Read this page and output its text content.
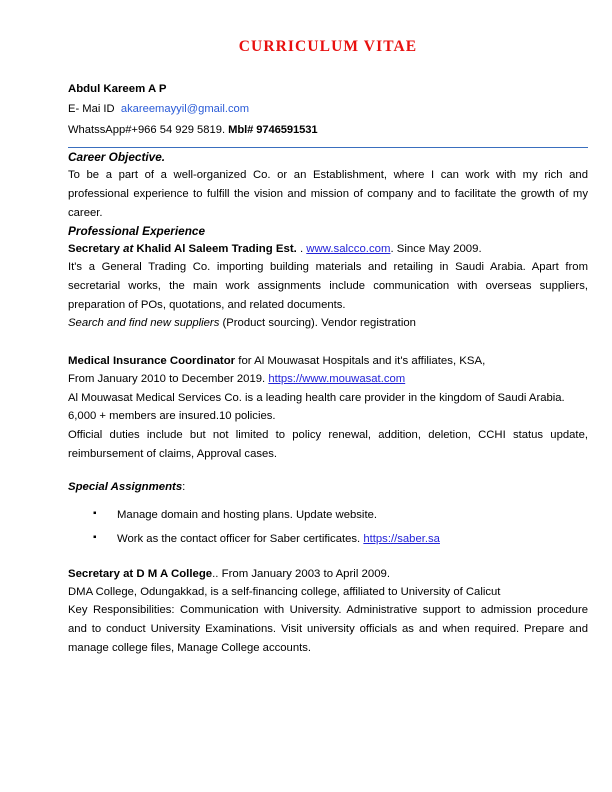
CURRICULUM VITAE
Abdul Kareem A P
E- Mai ID akareemayyil@gmail.com
WhatssApp#+966 54 929 5819. Mbl# 9746591531
Career Objective.

To be a part of a well-organized Co. or an Establishment, where I can work with my rich and professional experience to fulfill the vision and mission of company and to facilitate the growth of my career.

Professional Experience
Secretary at Khalid Al Saleem Trading Est. . www.salcco.com. Since May 2009.

It's a General Trading Co. importing building materials and retailing in Saudi Arabia. Apart from secretarial works, the main work assignments include communication with overseas suppliers, preparation of POs, quotations, and related documents.

Search and find new suppliers (Product sourcing). Vendor registration

Medical Insurance Coordinator for Al Mouwasat Hospitals and it's affiliates, KSA,

From January 2010 to December 2019. https://www.mouwasat.com

Al Mouwasat Medical Services Co. is a leading health care provider in the kingdom of Saudi Arabia.

6,000 + members are insured.10 policies.

Official duties include but not limited to policy renewal, addition, deletion, CCHI status update, reimbursement of claims, Approval cases.

Special Assignments:
▪ Manage domain and hosting plans. Update website.
▪ Work as the contact officer for Saber certificates. https://saber.sa
Secretary at D M A College.. From January 2003 to April 2009.

DMA College, Odungakkad, is a self-financing college, affiliated to University of Calicut

Key Responsibilities: Communication with University. Administrative support to admission procedure and to conduct University Examinations. Visit university officials as and when required. Prepare and manage college files, Manage College accounts.
